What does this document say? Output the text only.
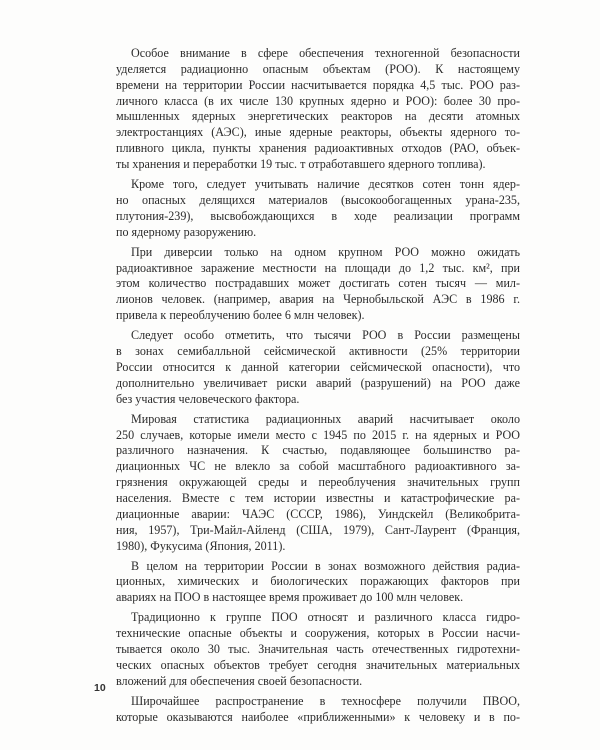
Особое внимание в сфере обеспечения техногенной безопасности
уделяется радиационно опасным объектам (РОО). К настоящему
времени на территории России насчитывается порядка 4,5 тыс. РОО раз-
личного класса (в их числе 130 крупных ядерно и РОО): более 30 про-
мышленных ядерных энергетических реакторов на десяти атомных
электростанциях (АЭС), иные ядерные реакторы, объекты ядерного то-
пливного цикла, пункты хранения радиоактивных отходов (РАО, объек-
ты хранения и переработки 19 тыс. т отработавшего ядерного топлива).
Кроме того, следует учитывать наличие десятков сотен тонн ядер-
но опасных делящихся материалов (высокообогащенных урана-235,
плутония-239), высвобождающихся в ходе реализации программ
по ядерному разоружению.
При диверсии только на одном крупном РОО можно ожидать
радиоактивное заражение местности на площади до 1,2 тыс. км², при
этом количество пострадавших может достигать сотен тысяч — мил-
лионов человек. (например, авария на Чернобыльской АЭС в 1986 г.
привела к переоблучению более 6 млн человек).
Следует особо отметить, что тысячи РОО в России размещены
в зонах семибалльной сейсмической активности (25% территории
России относится к данной категории сейсмической опасности), что
дополнительно увеличивает риски аварий (разрушений) на РОО даже
без участия человеческого фактора.
Мировая статистика радиационных аварий насчитывает около
250 случаев, которые имели место с 1945 по 2015 г. на ядерных и РОО
различного назначения. К счастью, подавляющее большинство ра-
диационных ЧС не влекло за собой масштабного радиоактивного за-
грязнения окружающей среды и переоблучения значительных групп
населения. Вместе с тем истории известны и катастрофические ра-
диационные аварии: ЧАЭС (СССР, 1986), Уиндскейл (Великобрита-
ния, 1957), Три-Майл-Айленд (США, 1979), Сант-Лаурент (Франция,
1980), Фукусима (Япония, 2011).
В целом на территории России в зонах возможного действия радиа-
ционных, химических и биологических поражающих факторов при
авариях на ПОО в настоящее время проживает до 100 млн человек.
Традиционно к группе ПОО относят и различного класса гидро-
технические опасные объекты и сооружения, которых в России насчи-
тывается около 30 тыс. Значительная часть отечественных гидротехни-
ческих опасных объектов требует сегодня значительных материальных
вложений для обеспечения своей безопасности.
Широчайшее распространение в техносфере получили ПВОО,
которые оказываются наиболее «приближенными» к человеку и в по-
10
